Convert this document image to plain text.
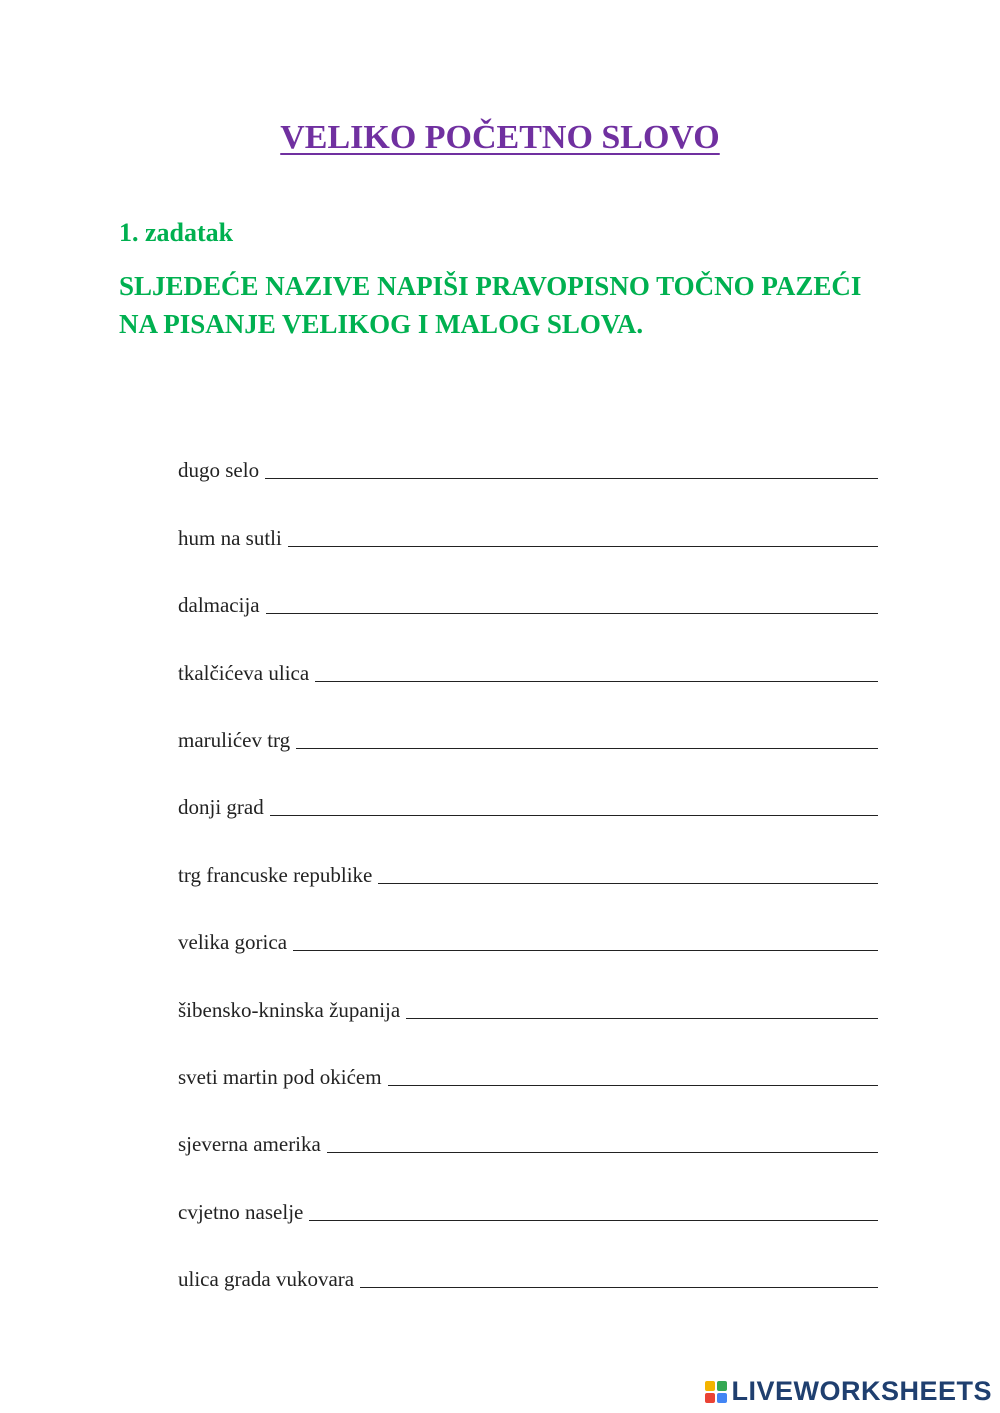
VELIKO POČETNO SLOVO
1. zadatak
SLJEDEĆE NAZIVE NAPIŠI PRAVOPISNO TOČNO PAZEĆI NA PISANJE VELIKOG I MALOG SLOVA.
dugo selo
hum na sutli
dalmacija
tkalčićeva ulica
marulićev trg
donji grad
trg francuske republike
velika gorica
šibensko-kninska županija
sveti martin pod okićem
sjeverna amerika
cvjetno naselje
ulica grada vukovara
LIVEWORKSHEETS
